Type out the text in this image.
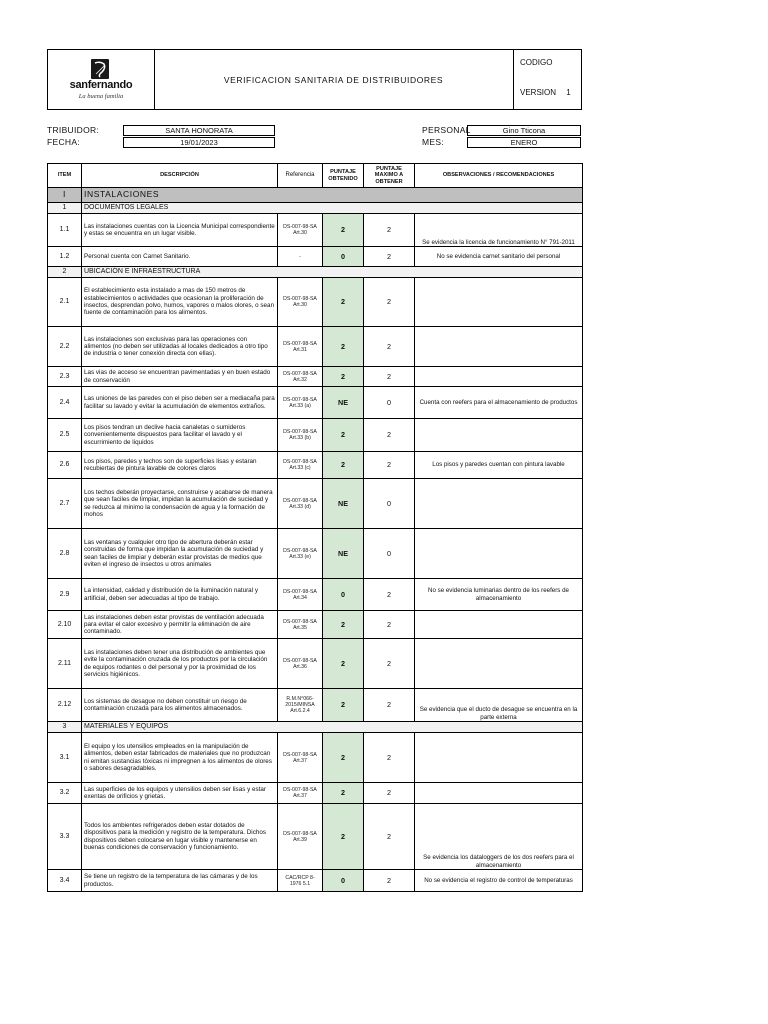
sanfernando
La buena familia
VERIFICACION SANITARIA DE DISTRIBUIDORES
CODIGO
VERSION 1
TRIBUIDOR:	SANTA HONORATA
FECHA:	19/01/2023
PERSONAL	Gino Tticona
MES:	ENERO
ITEM	DESCRIPCIÓN	Referencia	PUNTAJE OBTENIDO	PUNTAJE MAXIMO A OBTENER	OBSERVACIONES / RECOMENDACIONES
I	INSTALACIONES				
1	DOCUMENTOS LEGALES				
1.1	Las instalaciones cuentas con la Licencia Municipal correspondiente y estas se encuentra en un lugar visible.	DS-007-98-SA Art.30	2	2	Se evidencia la licencia de funcionamiento N° 791-2011
1.2	Personal cuenta con Carnet Sanitario.	-	0	2	No se evidencia carnet sanitario del personal
2	UBICACIÓN E INFRAESTRUCTURA				
2.1	El establecimiento esta instalado a mas de 150 metros de establecimientos o actividades que ocasionan la proliferación de insectos, desprendan polvo, humos, vapores o malos olores, o sean fuente de contaminación para los alimentos.	DS-007-98-SA Art.30	2	2	
2.2	Las instalaciones son exclusivas para las operaciones con alimentos (no deben ser utilizadas al locales dedicados a otro tipo de industria o tener conexión directa con ellas).	DS-007-98-SA Art.31	2	2	
2.3	Las vias de acceso se encuentran pavimentadas y en buen estado de conservación	DS-007-98-SA Art.32	2	2	
2.4	Las uniones de las paredes con el piso deben ser a mediacaña para facilitar su lavado y evitar la acumulación de elementos extraños.	DS-007-98-SA Art.33 (a)	NE	0	Cuenta con reefers para el almacenamiento de productos
2.5	Los pisos tendran un declive hacia canaletas o sumideros convenientemente dispuestos para facilitar el lavado y el escurrimiento de liquidos	DS-007-98-SA Art.33 (b)	2	2	
2.6	Los pisos, paredes y techos son de superficies lisas y estaran recubiertas de pintura lavable de colores claros	DS-007-98-SA Art.33 (c)	2	2	Los pisos y paredes cuentan con pintura lavable
2.7	Los techos deberán proyectarse, construirse y acabarse de manera que sean faciles de limpiar, impidan la acumulación de suciedad y se reduzca al minimo la condensación de agua y la formación de mohos	DS-007-98-SA Art.33 (d)	NE	0	
2.8	Las ventanas y cualquier otro tipo de abertura deberán estar construidas de forma que impidan la acumulación de suciedad y sean faciles de limpiar y deberán estar provistas de medios que eviten el ingreso de insectos u otros animales	DS-007-98-SA Art.33 (e)	NE	0	
2.9	La intensidad, calidad y distribución de la iluminación natural y artificial, deben ser adecuadas al tipo de trabajo.	DS-007-98-SA Art.34	0	2	No se evidencia luminarias dentro de los reefers de almacenamiento
2.10	Las instalaciones deben estar provistas de ventilación adecuada para evitar el calor excesivo y permitir la eliminación de aire contaminado.	DS-007-98-SA Art.35	2	2	
2.11	Las instalaciones deben tener una distribución de ambientes que evite la contaminación cruzada de los productos por la circulación de equipos rodantes o del personal y por la proximidad de los servicios higiénicos.	DS-007-98-SA Art.36	2	2	
2.12	Los sistemas de desague no deben constituir un riesgo de contaminación cruzada para los alimentos almacenados.	R.M.N°066-2015/MINSA Art.6.2.4	2	2	Se evidencia que el ducto de desague se encuentra en la parte externa
3	MATERIALES Y EQUIPOS				
3.1	El equipo y los utensilios empleados en la manipulación de alimentos, deben estar fabricados de materiales que no produzcan ni emitan sustancias tóxicas ni impregnen a los alimentos de olores o sabores desagradables.	DS-007-98-SA Art.37	2	2	
3.2	Las superficies de los equipos y utensilios deben ser lisas y estar exentas de orificios y grietas.	DS-007-98-SA Art.37	2	2	
3.3	Todos los ambientes refrigerados deben estar dotados de dispositivos para la medición y registro de la temperatura. Dichos dispositivos deben colocarse en lugar visible y mantenerse en buenas condiciones de conservación y funcionamiento.	DS-007-98-SA Art.39	2	2	Se evidencia los dataloggers de los dos reefers para el almacenamiento
3.4	Se tiene un registro de la temperatura de las cámaras y de los productos.	CAC/RCP 8-1976 5.1	0	2	No se evidencia el registro de control de temperaturas
